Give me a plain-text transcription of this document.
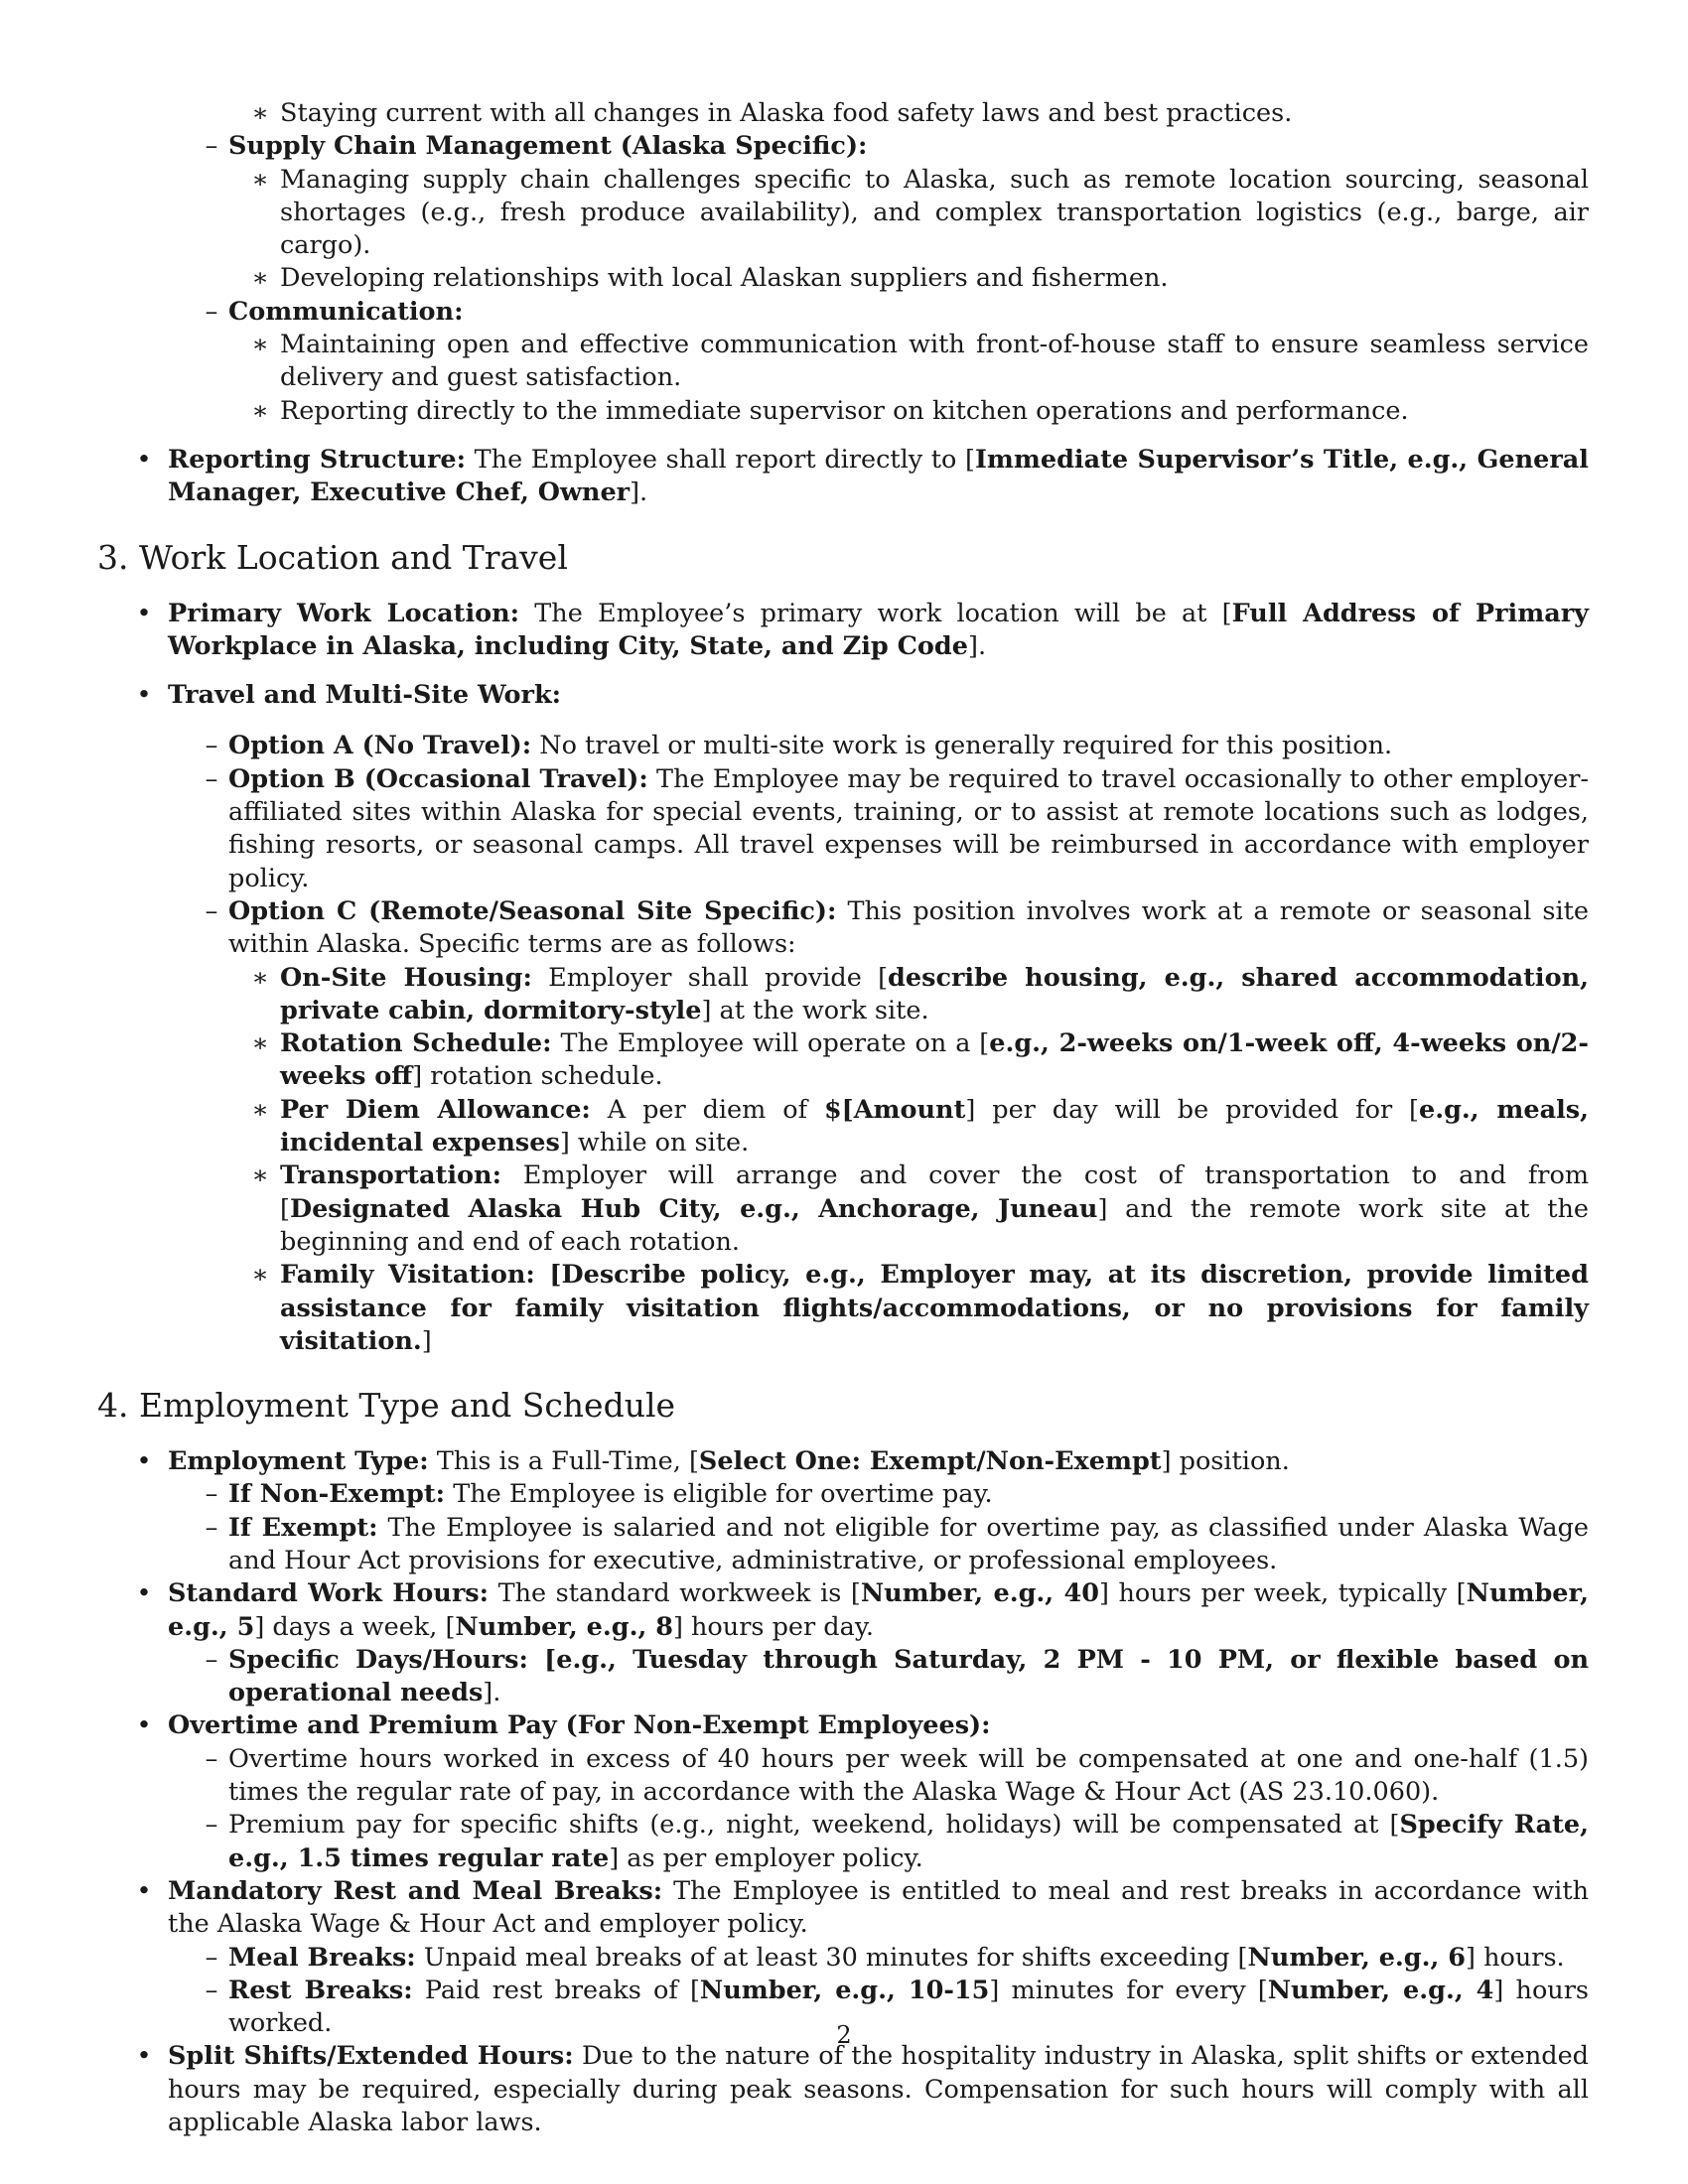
∗ Staying current with all changes in Alaska food safety laws and best practices.
– Supply Chain Management (Alaska Specific):
∗ Managing supply chain challenges specific to Alaska, such as remote location sourcing, seasonal shortages (e.g., fresh produce availability), and complex transportation logistics (e.g., barge, air cargo).
∗ Developing relationships with local Alaskan suppliers and fishermen.
– Communication:
∗ Maintaining open and effective communication with front-of-house staff to ensure seamless service delivery and guest satisfaction.
∗ Reporting directly to the immediate supervisor on kitchen operations and performance.
• Reporting Structure: The Employee shall report directly to [Immediate Supervisor’s Title, e.g., General Manager, Executive Chef, Owner].
3. Work Location and Travel
• Primary Work Location: The Employee’s primary work location will be at [Full Address of Primary Workplace in Alaska, including City, State, and Zip Code].
• Travel and Multi-Site Work:
– Option A (No Travel): No travel or multi-site work is generally required for this position.
– Option B (Occasional Travel): The Employee may be required to travel occasionally to other employer-affiliated sites within Alaska for special events, training, or to assist at remote locations such as lodges, fishing resorts, or seasonal camps. All travel expenses will be reimbursed in accordance with employer policy.
– Option C (Remote/Seasonal Site Specific): This position involves work at a remote or seasonal site within Alaska. Specific terms are as follows:
∗ On-Site Housing: Employer shall provide [describe housing, e.g., shared accommodation, private cabin, dormitory-style] at the work site.
∗ Rotation Schedule: The Employee will operate on a [e.g., 2-weeks on/1-week off, 4-weeks on/2-weeks off] rotation schedule.
∗ Per Diem Allowance: A per diem of $[Amount] per day will be provided for [e.g., meals, incidental expenses] while on site.
∗ Transportation: Employer will arrange and cover the cost of transportation to and from [Designated Alaska Hub City, e.g., Anchorage, Juneau] and the remote work site at the beginning and end of each rotation.
∗ Family Visitation: [Describe policy, e.g., Employer may, at its discretion, provide limited assistance for family visitation flights/accommodations, or no provisions for family visitation.]
4. Employment Type and Schedule
• Employment Type: This is a Full-Time, [Select One: Exempt/Non-Exempt] position.
– If Non-Exempt: The Employee is eligible for overtime pay.
– If Exempt: The Employee is salaried and not eligible for overtime pay, as classified under Alaska Wage and Hour Act provisions for executive, administrative, or professional employees.
• Standard Work Hours: The standard workweek is [Number, e.g., 40] hours per week, typically [Number, e.g., 5] days a week, [Number, e.g., 8] hours per day.
– Specific Days/Hours: [e.g., Tuesday through Saturday, 2 PM - 10 PM, or flexible based on operational needs].
• Overtime and Premium Pay (For Non-Exempt Employees):
– Overtime hours worked in excess of 40 hours per week will be compensated at one and one-half (1.5) times the regular rate of pay, in accordance with the Alaska Wage & Hour Act (AS 23.10.060).
– Premium pay for specific shifts (e.g., night, weekend, holidays) will be compensated at [Specify Rate, e.g., 1.5 times regular rate] as per employer policy.
• Mandatory Rest and Meal Breaks: The Employee is entitled to meal and rest breaks in accordance with the Alaska Wage & Hour Act and employer policy.
– Meal Breaks: Unpaid meal breaks of at least 30 minutes for shifts exceeding [Number, e.g., 6] hours.
– Rest Breaks: Paid rest breaks of [Number, e.g., 10-15] minutes for every [Number, e.g., 4] hours worked.
• Split Shifts/Extended Hours: Due to the nature of the hospitality industry in Alaska, split shifts or extended hours may be required, especially during peak seasons. Compensation for such hours will comply with all applicable Alaska labor laws.
2
